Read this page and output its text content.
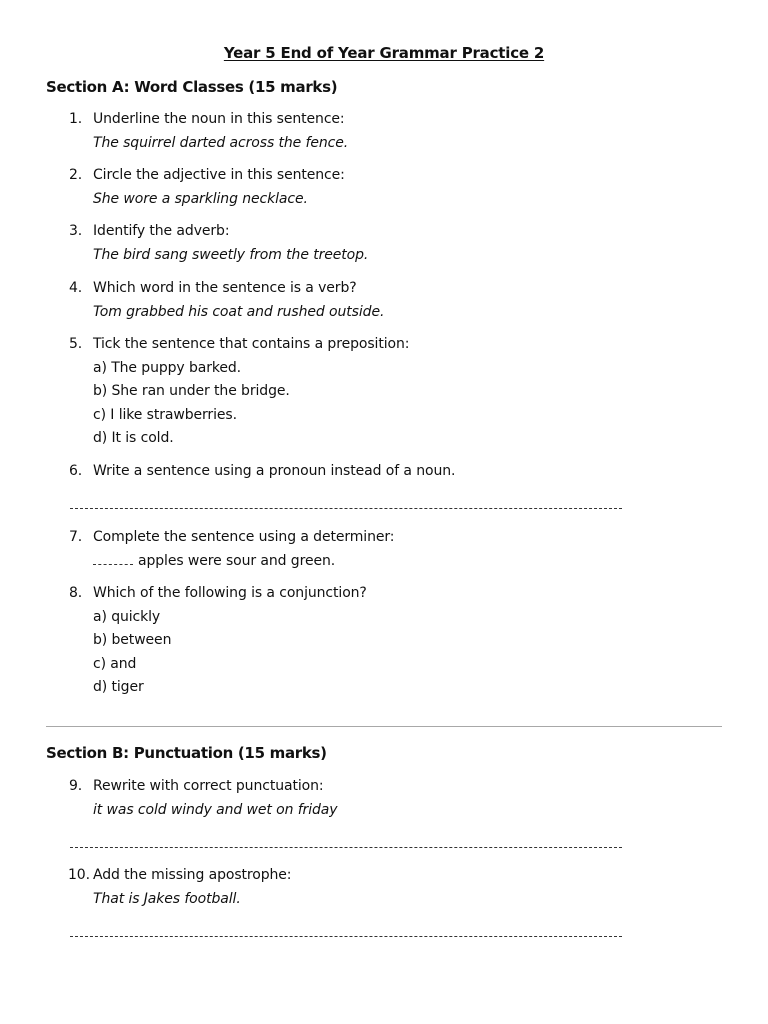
Year 5 End of Year Grammar Practice 2
Section A: Word Classes (15 marks)
1. Underline the noun in this sentence:
The squirrel darted across the fence.
2. Circle the adjective in this sentence:
She wore a sparkling necklace.
3. Identify the adverb:
The bird sang sweetly from the treetop.
4. Which word in the sentence is a verb?
Tom grabbed his coat and rushed outside.
5. Tick the sentence that contains a preposition:
a) The puppy barked.
b) She ran under the bridge.
c) I like strawberries.
d) It is cold.
6. Write a sentence using a pronoun instead of a noun.
7. Complete the sentence using a determiner:
apples were sour and green.
8. Which of the following is a conjunction?
a) quickly
b) between
c) and
d) tiger
Section B: Punctuation (15 marks)
9. Rewrite with correct punctuation:
it was cold windy and wet on friday
10. Add the missing apostrophe:
That is Jakes football.
